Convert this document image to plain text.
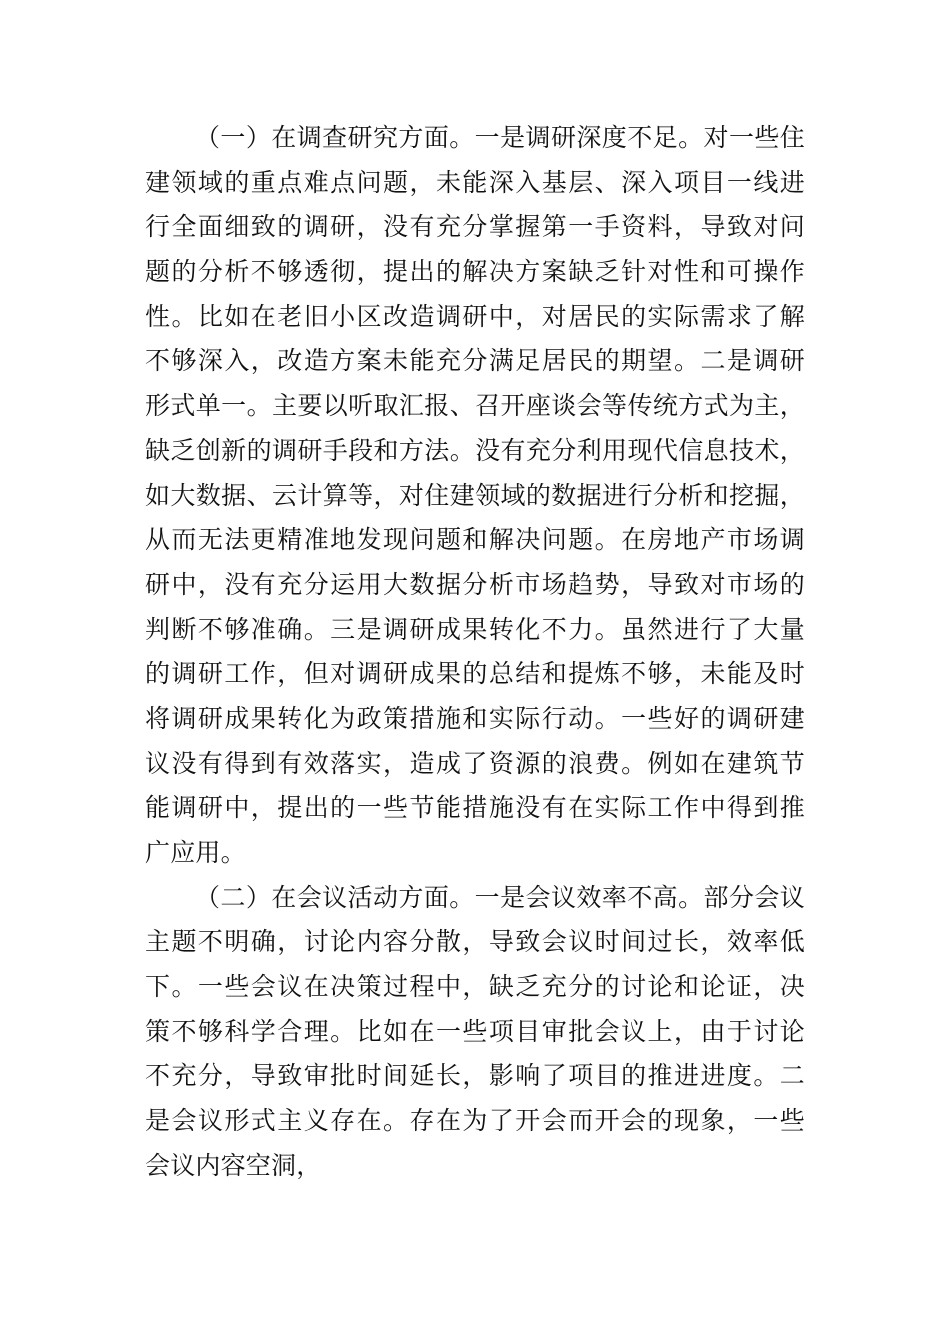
（一）在调查研究方面。一是调研深度不足。对一些住
建领域的重点难点问题，未能深入基层、深入项目一线进
行全面细致的调研，没有充分掌握第一手资料，导致对问
题的分析不够透彻，提出的解决方案缺乏针对性和可操作
性。比如在老旧小区改造调研中，对居民的实际需求了解
不够深入，改造方案未能充分满足居民的期望。二是调研
形式单一。主要以听取汇报、召开座谈会等传统方式为主，
缺乏创新的调研手段和方法。没有充分利用现代信息技术，
如大数据、云计算等，对住建领域的数据进行分析和挖掘，
从而无法更精准地发现问题和解决问题。在房地产市场调
研中，没有充分运用大数据分析市场趋势，导致对市场的
判断不够准确。三是调研成果转化不力。虽然进行了大量
的调研工作，但对调研成果的总结和提炼不够，未能及时
将调研成果转化为政策措施和实际行动。一些好的调研建
议没有得到有效落实，造成了资源的浪费。例如在建筑节
能调研中，提出的一些节能措施没有在实际工作中得到推
广应用。
（二）在会议活动方面。一是会议效率不高。部分会议
主题不明确，讨论内容分散，导致会议时间过长，效率低
下。一些会议在决策过程中，缺乏充分的讨论和论证，决
策不够科学合理。比如在一些项目审批会议上，由于讨论
不充分，导致审批时间延长，影响了项目的推进进度。二
是会议形式主义存在。存在为了开会而开会的现象，一些
会议内容空洞，
